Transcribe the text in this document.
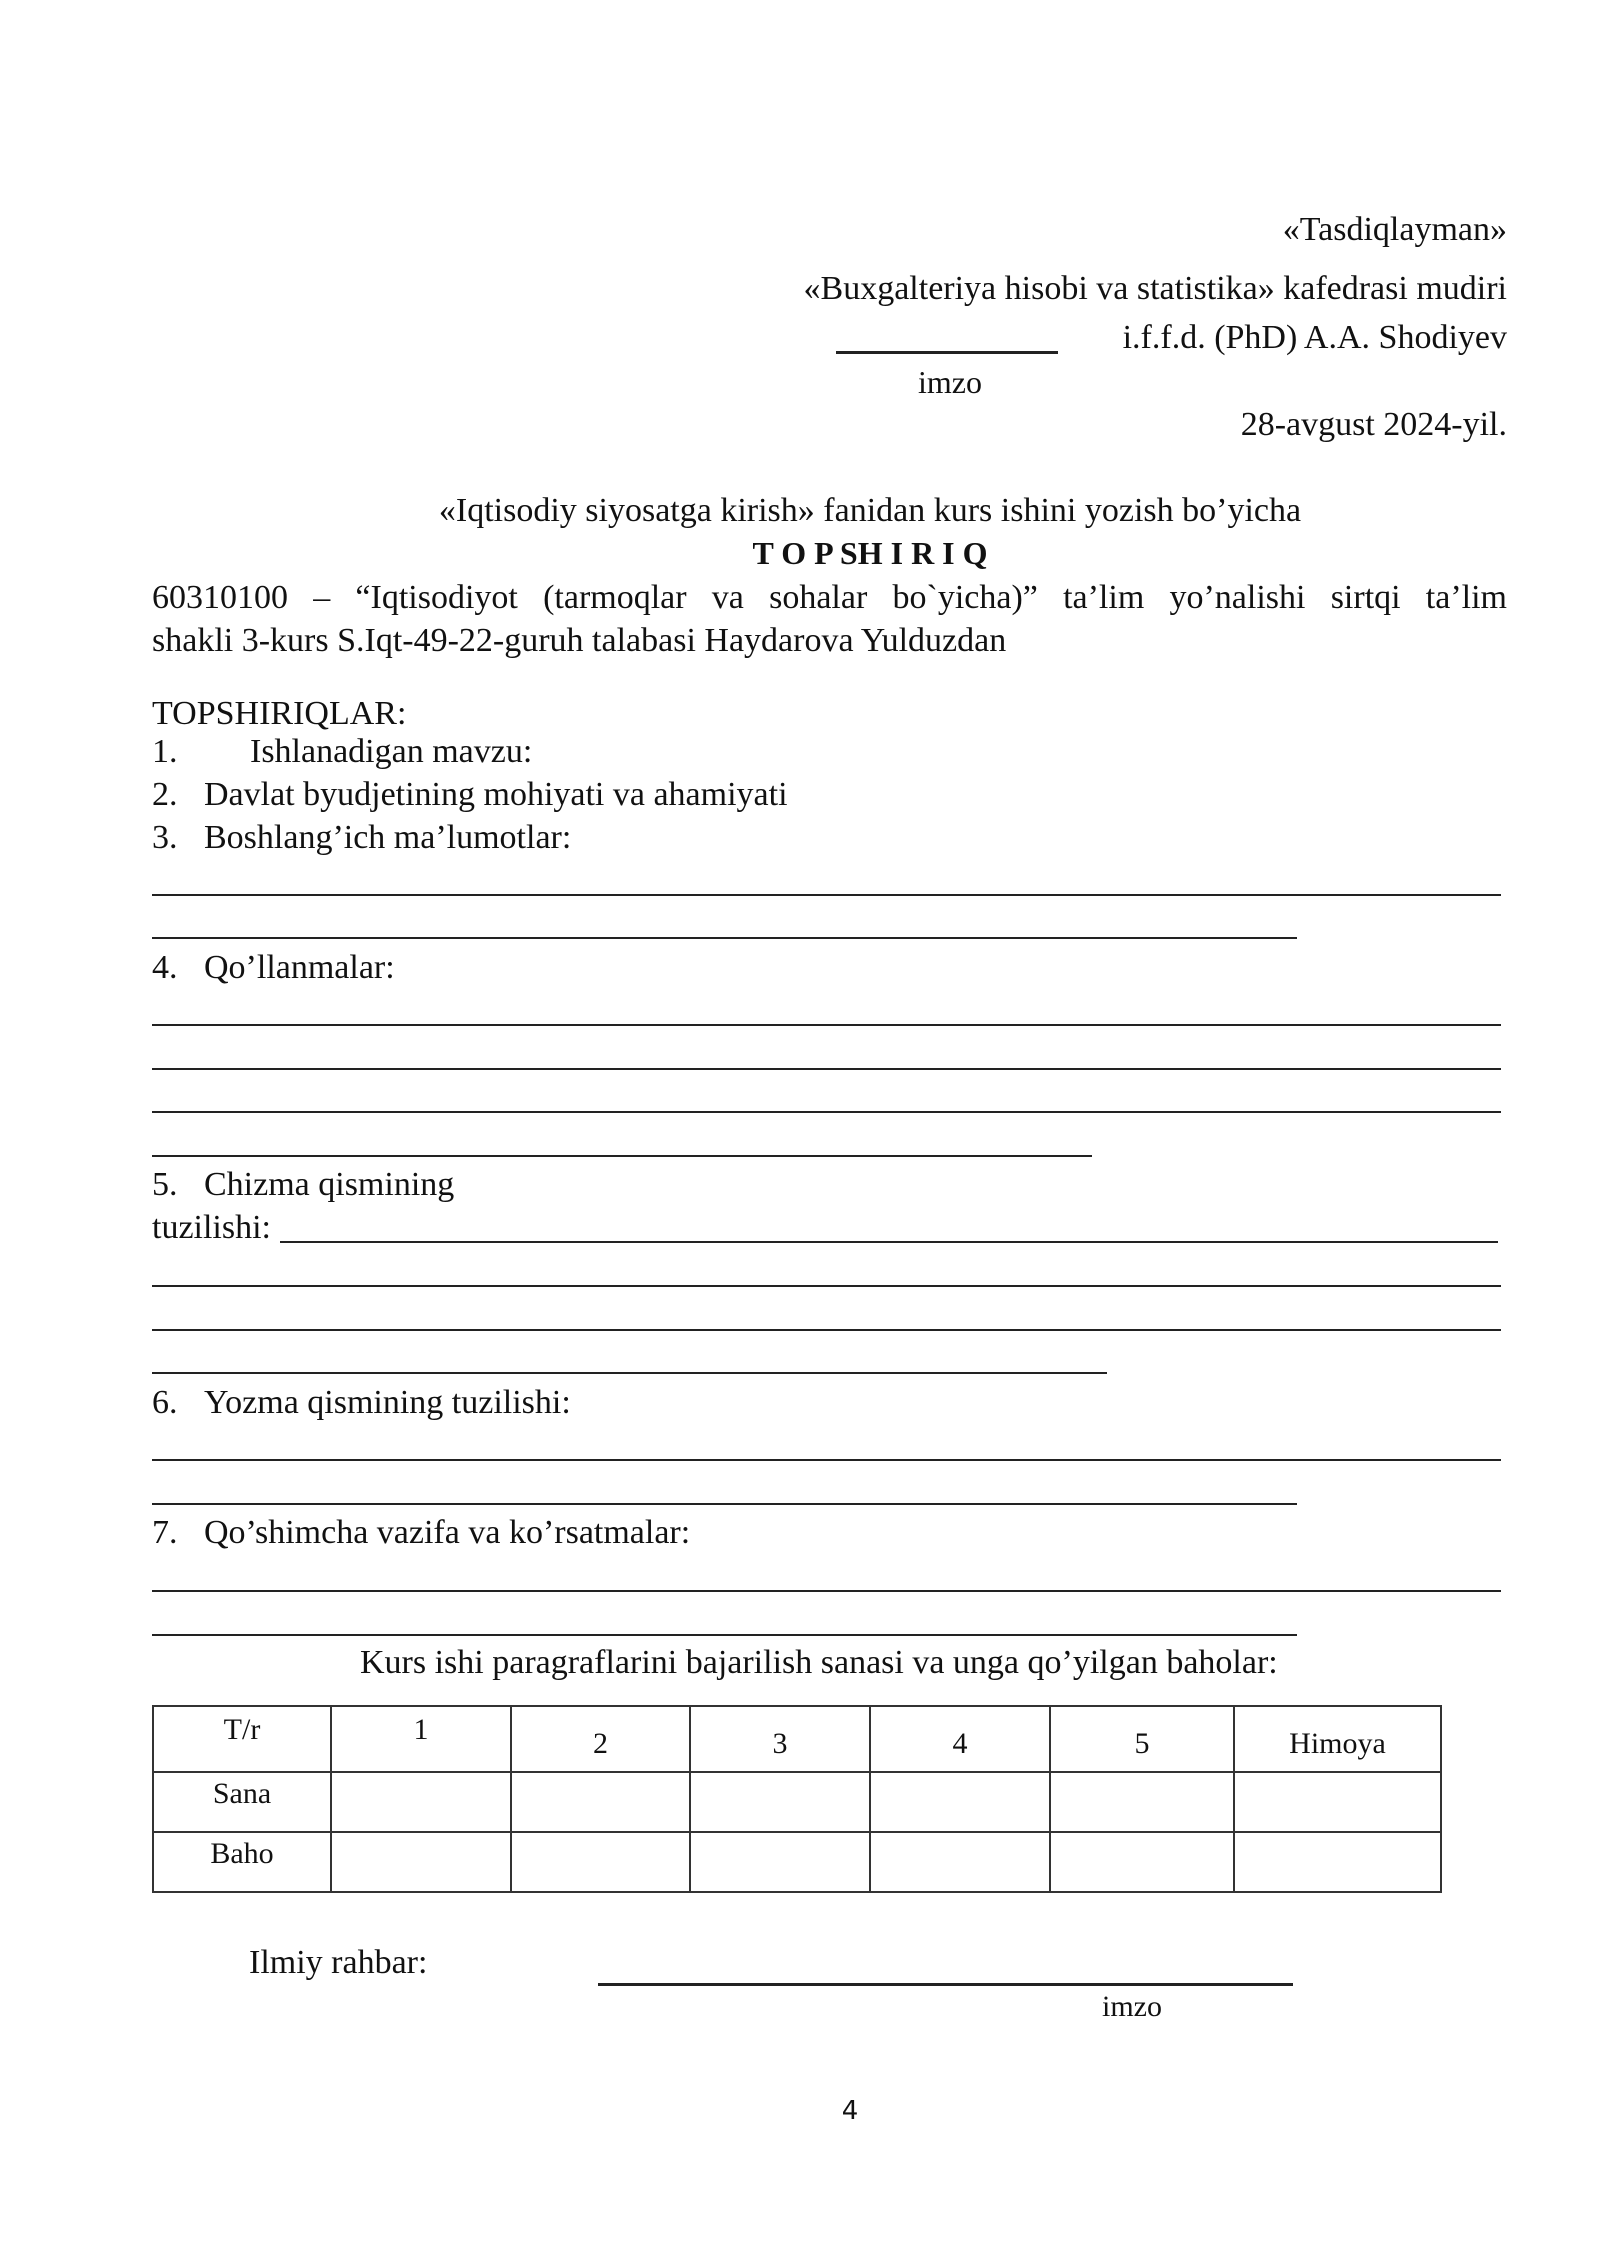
«Tasdiqlayman»
«Buxgalteriya hisobi va statistika» kafedrasi mudiri
i.f.f.d. (PhD) A.A. Shodiyev
imzo
28-avgust 2024-yil.
«Iqtisodiy siyosatga kirish» fanidan kurs ishini yozish bo’yicha
T O P SH I R I Q
60310100 – “Iqtisodiyot (tarmoqlar va sohalar bo`yicha)” ta’lim yo’nalishi sirtqi ta’lim
shakli 3-kurs S.Iqt-49-22-guruh talabasi Haydarova Yulduzdan
TOPSHIRIQLAR:
1. Ishlanadigan mavzu:
2. Davlat byudjetining mohiyati va ahamiyati
3. Boshlang’ich ma’lumotlar:
4. Qo’llanmalar:
5. Chizma qismining
tuzilishi:
6. Yozma qismining tuzilishi:
7. Qo’shimcha vazifa va ko’rsatmalar:
Kurs ishi paragraflarini bajarilish sanasi va unga qo’yilgan baholar:
T/r	1	2	3	4	5	Himoya
Sana						
Baho						
Ilmiy rahbar:
imzo
4
